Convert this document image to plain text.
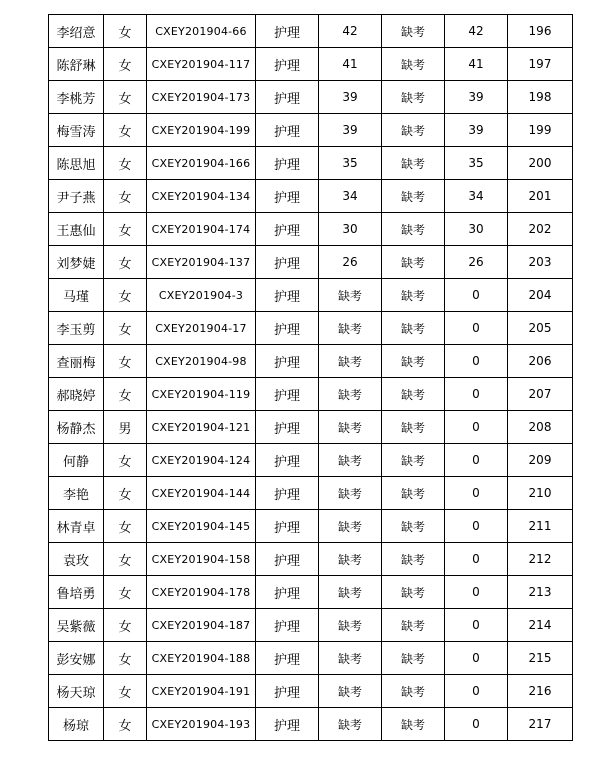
李绍意	女	CXEY201904-66	护理	42	缺考	42	196
陈舒琳	女	CXEY201904-117	护理	41	缺考	41	197
李桃芳	女	CXEY201904-173	护理	39	缺考	39	198
梅雪涛	女	CXEY201904-199	护理	39	缺考	39	199
陈思旭	女	CXEY201904-166	护理	35	缺考	35	200
尹子燕	女	CXEY201904-134	护理	34	缺考	34	201
王惠仙	女	CXEY201904-174	护理	30	缺考	30	202
刘梦婕	女	CXEY201904-137	护理	26	缺考	26	203
马瑾	女	CXEY201904-3	护理	缺考	缺考	0	204
李玉剪	女	CXEY201904-17	护理	缺考	缺考	0	205
查丽梅	女	CXEY201904-98	护理	缺考	缺考	0	206
郝晓婷	女	CXEY201904-119	护理	缺考	缺考	0	207
杨静杰	男	CXEY201904-121	护理	缺考	缺考	0	208
何静	女	CXEY201904-124	护理	缺考	缺考	0	209
李艳	女	CXEY201904-144	护理	缺考	缺考	0	210
林青卓	女	CXEY201904-145	护理	缺考	缺考	0	211
袁玫	女	CXEY201904-158	护理	缺考	缺考	0	212
鲁培勇	女	CXEY201904-178	护理	缺考	缺考	0	213
吴紫薇	女	CXEY201904-187	护理	缺考	缺考	0	214
彭安娜	女	CXEY201904-188	护理	缺考	缺考	0	215
杨天琼	女	CXEY201904-191	护理	缺考	缺考	0	216
杨琼	女	CXEY201904-193	护理	缺考	缺考	0	217
